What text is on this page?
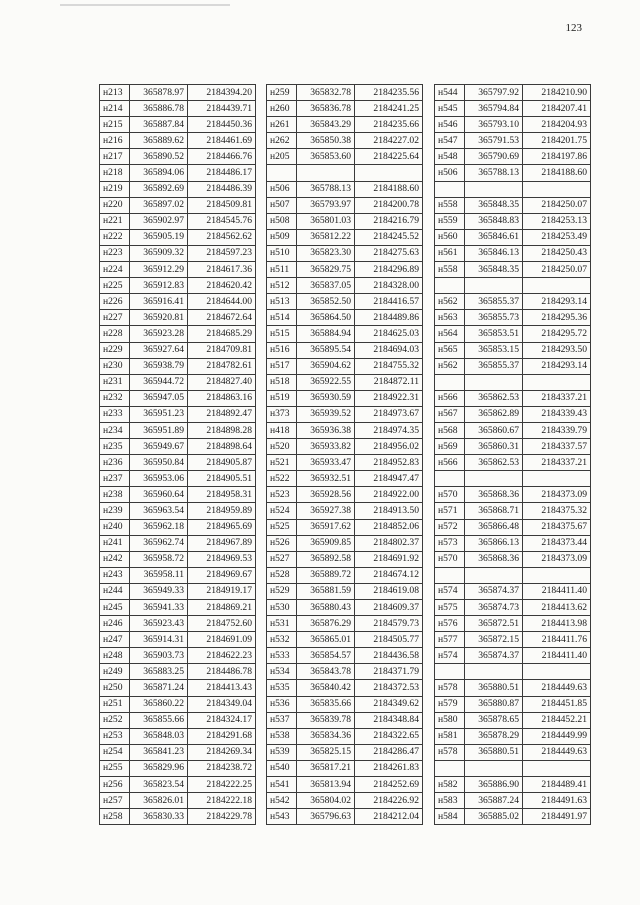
123
н213	365878.97	2184394.20
н214	365886.78	2184439.71
н215	365887.84	2184450.36
н216	365889.62	2184461.69
н217	365890.52	2184466.76
н218	365894.06	2184486.17
н219	365892.69	2184486.39
н220	365897.02	2184509.81
н221	365902.97	2184545.76
н222	365905.19	2184562.62
н223	365909.32	2184597.23
н224	365912.29	2184617.36
н225	365912.83	2184620.42
н226	365916.41	2184644.00
н227	365920.81	2184672.64
н228	365923.28	2184685.29
н229	365927.64	2184709.81
н230	365938.79	2184782.61
н231	365944.72	2184827.40
н232	365947.05	2184863.16
н233	365951.23	2184892.47
н234	365951.89	2184898.28
н235	365949.67	2184898.64
н236	365950.84	2184905.87
н237	365953.06	2184905.51
н238	365960.64	2184958.31
н239	365963.54	2184959.89
н240	365962.18	2184965.69
н241	365962.74	2184967.89
н242	365958.72	2184969.53
н243	365958.11	2184969.67
н244	365949.33	2184919.17
н245	365941.33	2184869.21
н246	365923.43	2184752.60
н247	365914.31	2184691.09
н248	365903.73	2184622.23
н249	365883.25	2184486.78
н250	365871.24	2184413.43
н251	365860.22	2184349.04
н252	365855.66	2184324.17
н253	365848.03	2184291.68
н254	365841.23	2184269.34
н255	365829.96	2184238.72
н256	365823.54	2184222.25
н257	365826.01	2184222.18
н258	365830.33	2184229.78
н259	365832.78	2184235.56
н260	365836.78	2184241.25
н261	365843.29	2184235.66
н262	365850.38	2184227.02
н205	365853.60	2184225.64

н506	365788.13	2184188.60
н507	365793.97	2184200.78
н508	365801.03	2184216.79
н509	365812.22	2184245.52
н510	365823.30	2184275.63
н511	365829.75	2184296.89
н512	365837.05	2184328.00
н513	365852.50	2184416.57
н514	365864.50	2184489.86
н515	365884.94	2184625.03
н516	365895.54	2184694.03
н517	365904.62	2184755.32
н518	365922.55	2184872.11
н519	365930.59	2184922.31
н373	365939.52	2184973.67
н418	365936.38	2184974.35
н520	365933.82	2184956.02
н521	365933.47	2184952.83
н522	365932.51	2184947.47
н523	365928.56	2184922.00
н524	365927.38	2184913.50
н525	365917.62	2184852.06
н526	365909.85	2184802.37
н527	365892.58	2184691.92
н528	365889.72	2184674.12
н529	365881.59	2184619.08
н530	365880.43	2184609.37
н531	365876.29	2184579.73
н532	365865.01	2184505.77
н533	365854.57	2184436.58
н534	365843.78	2184371.79
н535	365840.42	2184372.53
н536	365835.66	2184349.62
н537	365839.78	2184348.84
н538	365834.36	2184322.65
н539	365825.15	2184286.47
н540	365817.21	2184261.83
н541	365813.94	2184252.69
н542	365804.02	2184226.92
н543	365796.63	2184212.04
н544	365797.92	2184210.90
н545	365794.84	2184207.41
н546	365793.10	2184204.93
н547	365791.53	2184201.75
н548	365790.69	2184197.86
н506	365788.13	2184188.60

н558	365848.35	2184250.07
н559	365848.83	2184253.13
н560	365846.61	2184253.49
н561	365846.13	2184250.43
н558	365848.35	2184250.07

н562	365855.37	2184293.14
н563	365855.73	2184295.36
н564	365853.51	2184295.72
н565	365853.15	2184293.50
н562	365855.37	2184293.14

н566	365862.53	2184337.21
н567	365862.89	2184339.43
н568	365860.67	2184339.79
н569	365860.31	2184337.57
н566	365862.53	2184337.21

н570	365868.36	2184373.09
н571	365868.71	2184375.32
н572	365866.48	2184375.67
н573	365866.13	2184373.44
н570	365868.36	2184373.09

н574	365874.37	2184411.40
н575	365874.73	2184413.62
н576	365872.51	2184413.98
н577	365872.15	2184411.76
н574	365874.37	2184411.40

н578	365880.51	2184449.63
н579	365880.87	2184451.85
н580	365878.65	2184452.21
н581	365878.29	2184449.99
н578	365880.51	2184449.63

н582	365886.90	2184489.41
н583	365887.24	2184491.63
н584	365885.02	2184491.97
